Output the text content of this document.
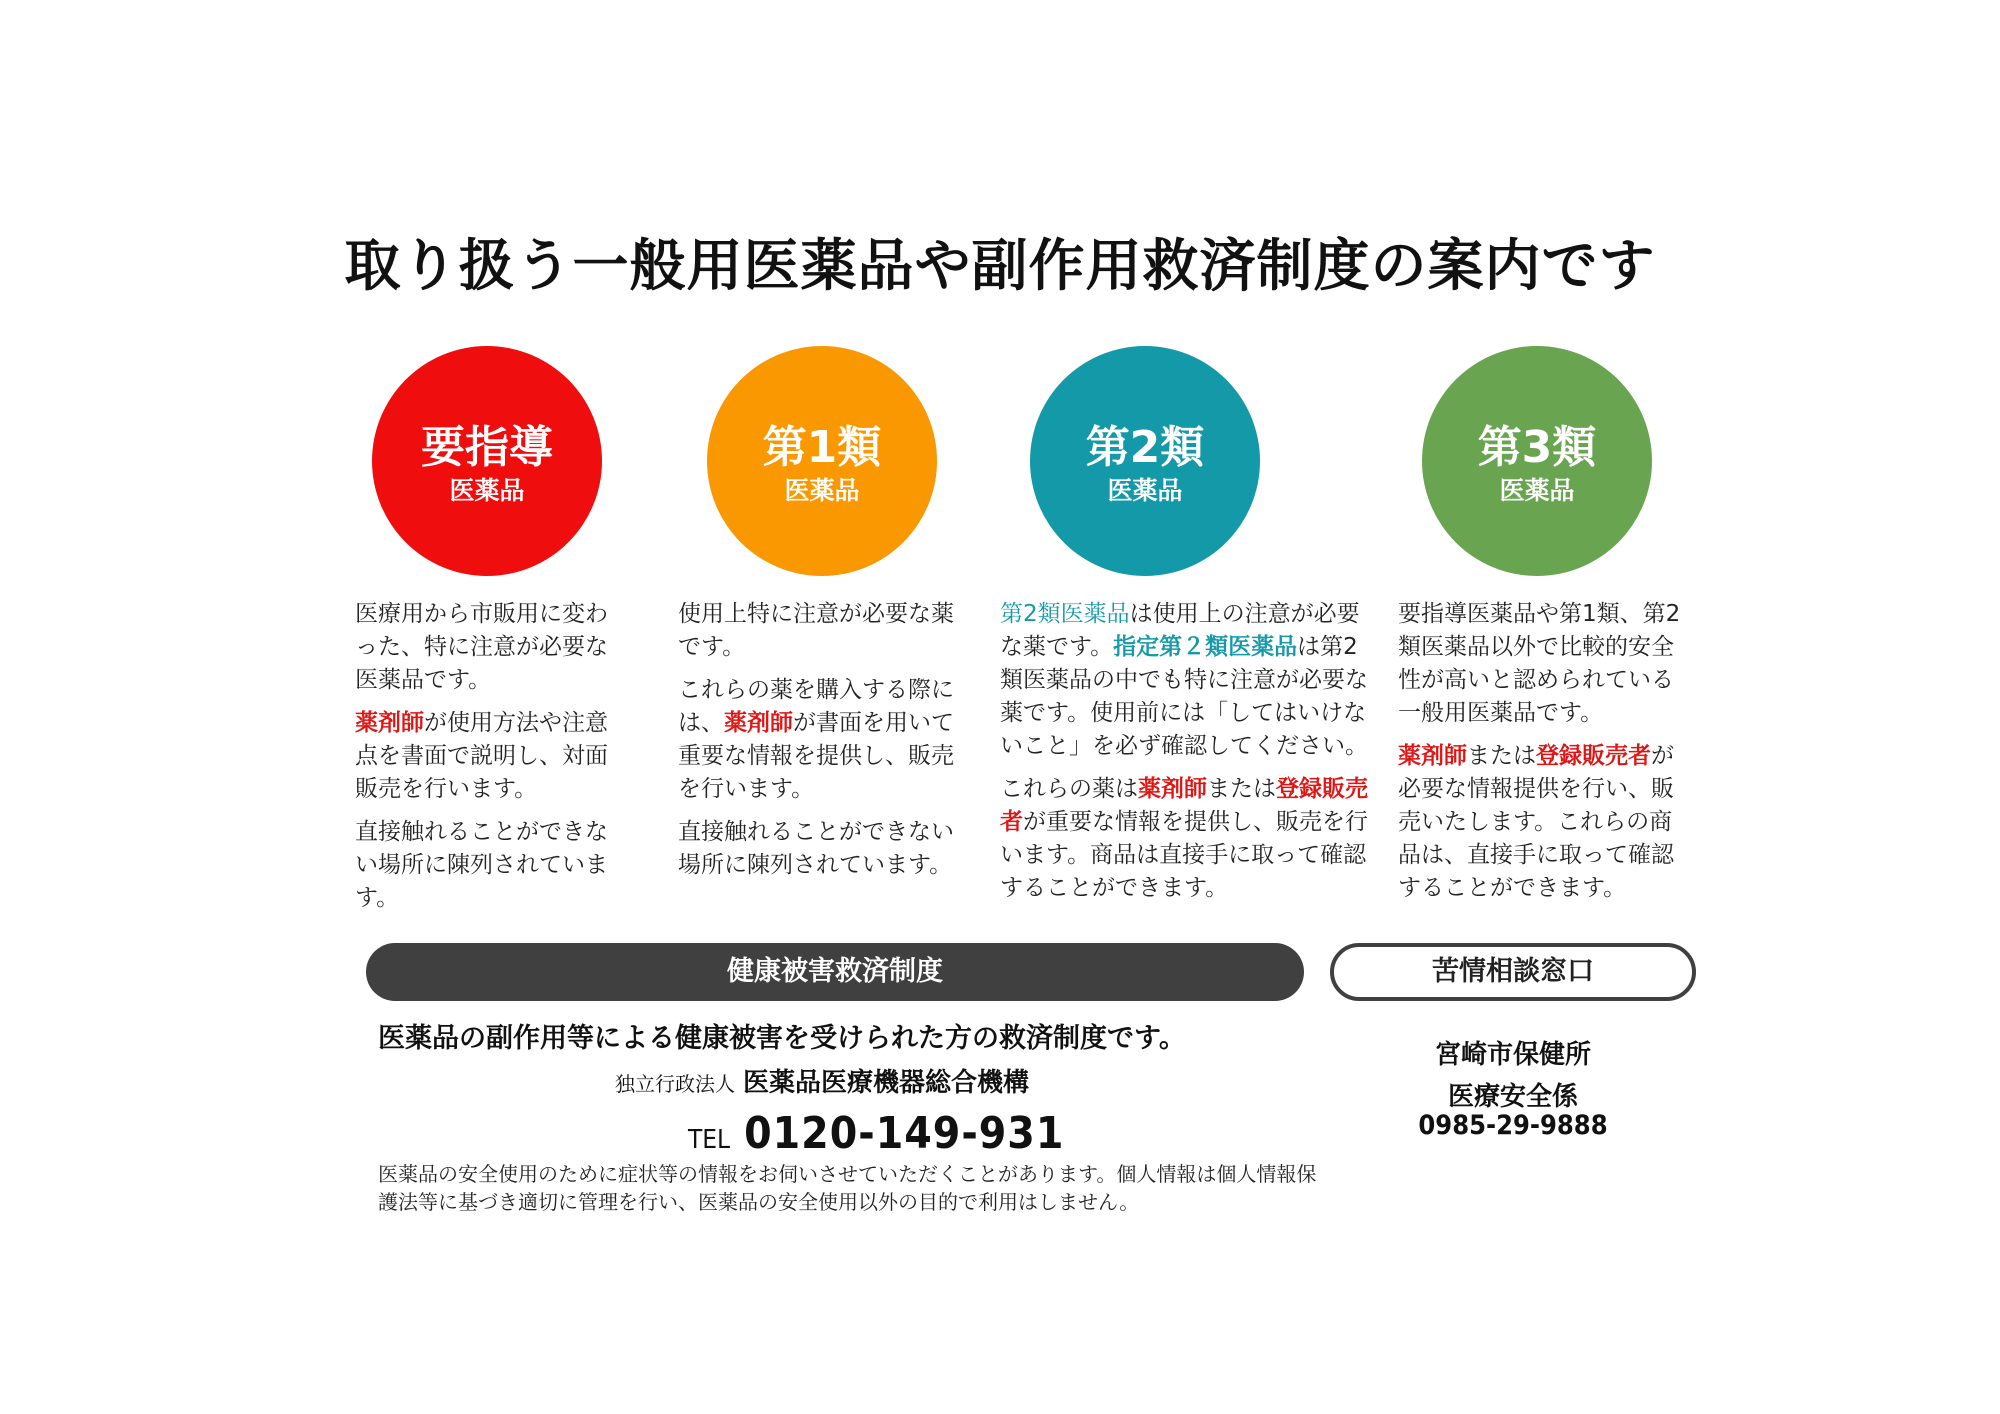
取り扱う一般用医薬品や副作用救済制度の案内です
要指導
医薬品
第1類
医薬品
第2類
医薬品
第3類
医薬品

医療用から市販用に変わった、特に注意が必要な医薬品です。

薬剤師が使用方法や注意点を書面で説明し、対面販売を行います。

直接触れることができない場所に陳列されています。

使用上特に注意が必要な薬です。

これらの薬を購入する際には、薬剤師が書面を用いて重要な情報を提供し、販売を行います。

直接触れることができない場所に陳列されています。

第2類医薬品は使用上の注意が必要な薬です。指定第２類医薬品は第2類医薬品の中でも特に注意が必要な薬です。使用前には「してはいけないこと」を必ず確認してください。

これらの薬は薬剤師または登録販売者が重要な情報を提供し、販売を行います。商品は直接手に取って確認することができます。

要指導医薬品や第1類、第2類医薬品以外で比較的安全性が高いと認められている一般用医薬品です。

薬剤師または登録販売者が必要な情報提供を行い、販売いたします。これらの商品は、直接手に取って確認することができます。

健康被害救済制度	苦情相談窓口
医薬品の副作用等による健康被害を受けられた方の救済制度です。
独立行政法人 医薬品医療機器総合機構
TEL 0120-149-931
医薬品の安全使用のために症状等の情報をお伺いさせていただくことがあります。個人情報は個人情報保護法等に基づき適切に管理を行い、医薬品の安全使用以外の目的で利用はしません。
宮崎市保健所
医療安全係
0985-29-9888
